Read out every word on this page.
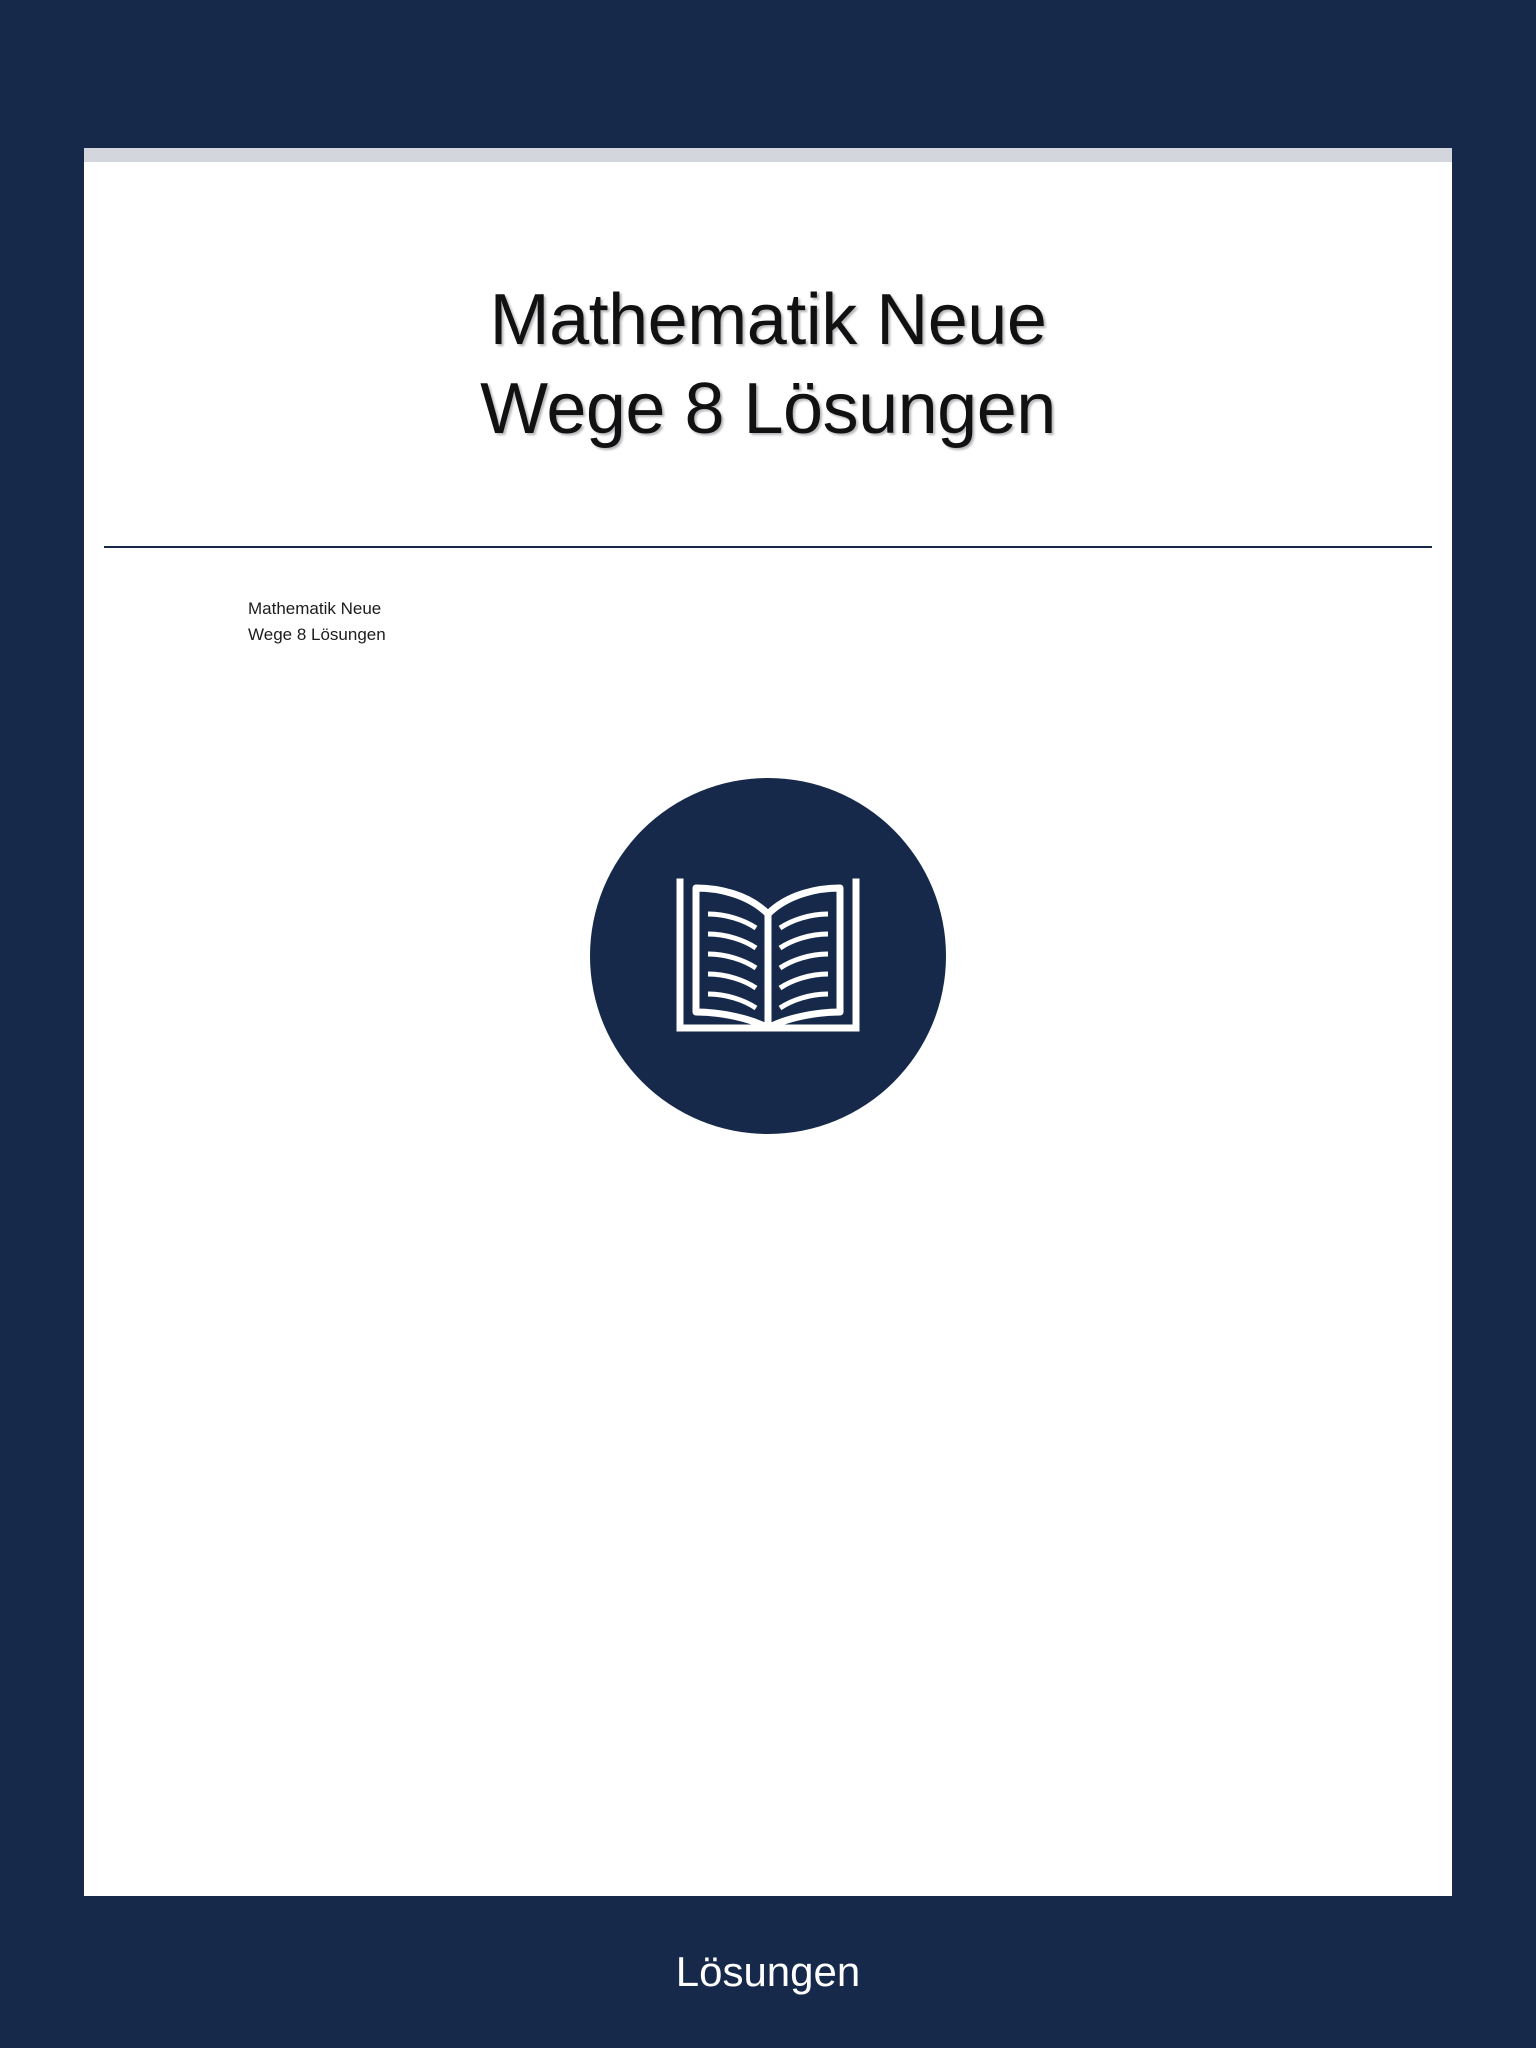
Mathematik Neue
Wege 8 Lösungen
Mathematik Neue
Wege 8 Lösungen
Lösungen
